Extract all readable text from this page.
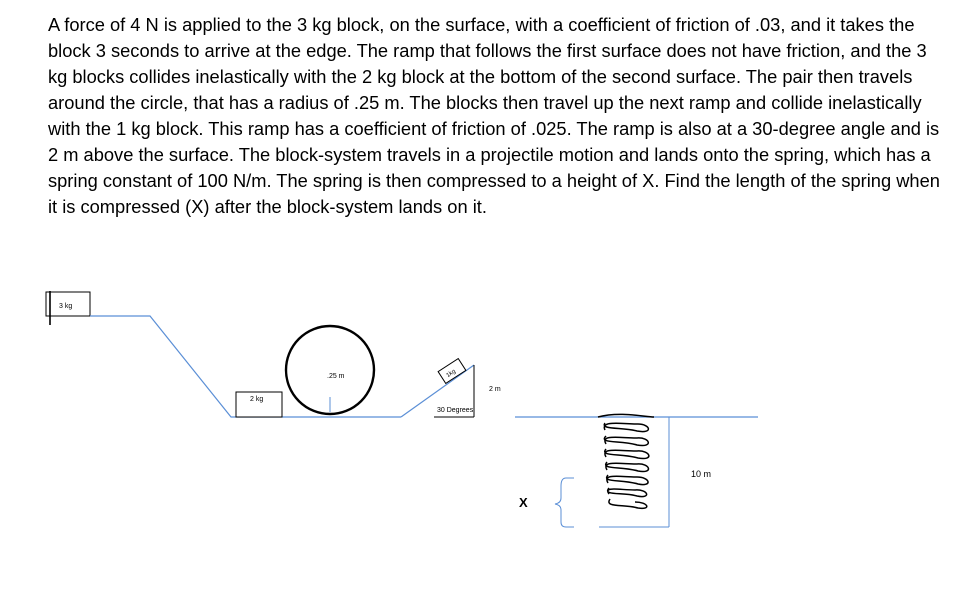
A force of 4 N is applied to the 3 kg block, on the surface, with a coefficient of friction of .03, and it takes the block 3 seconds to arrive at the edge. The ramp that follows the first surface does not have friction, and the 3 kg blocks collides inelastically with the 2 kg block at the bottom of the second surface. The pair then travels around the circle, that has a radius of .25 m. The blocks then travel up the next ramp and collide inelastically with the 1 kg block. This ramp has a coefficient of friction of .025. The ramp is also at a 30-degree angle and is 2 m above the surface. The block-system travels in a projectile motion and lands onto the spring, which has a spring constant of 100 N/m. The spring is then compressed to a height of X. Find the length of the spring when it is compressed (X) after the block-system lands on it.

3 kg
2 kg
.25 m	1kg
30 Degrees
2 m
10 m
X
